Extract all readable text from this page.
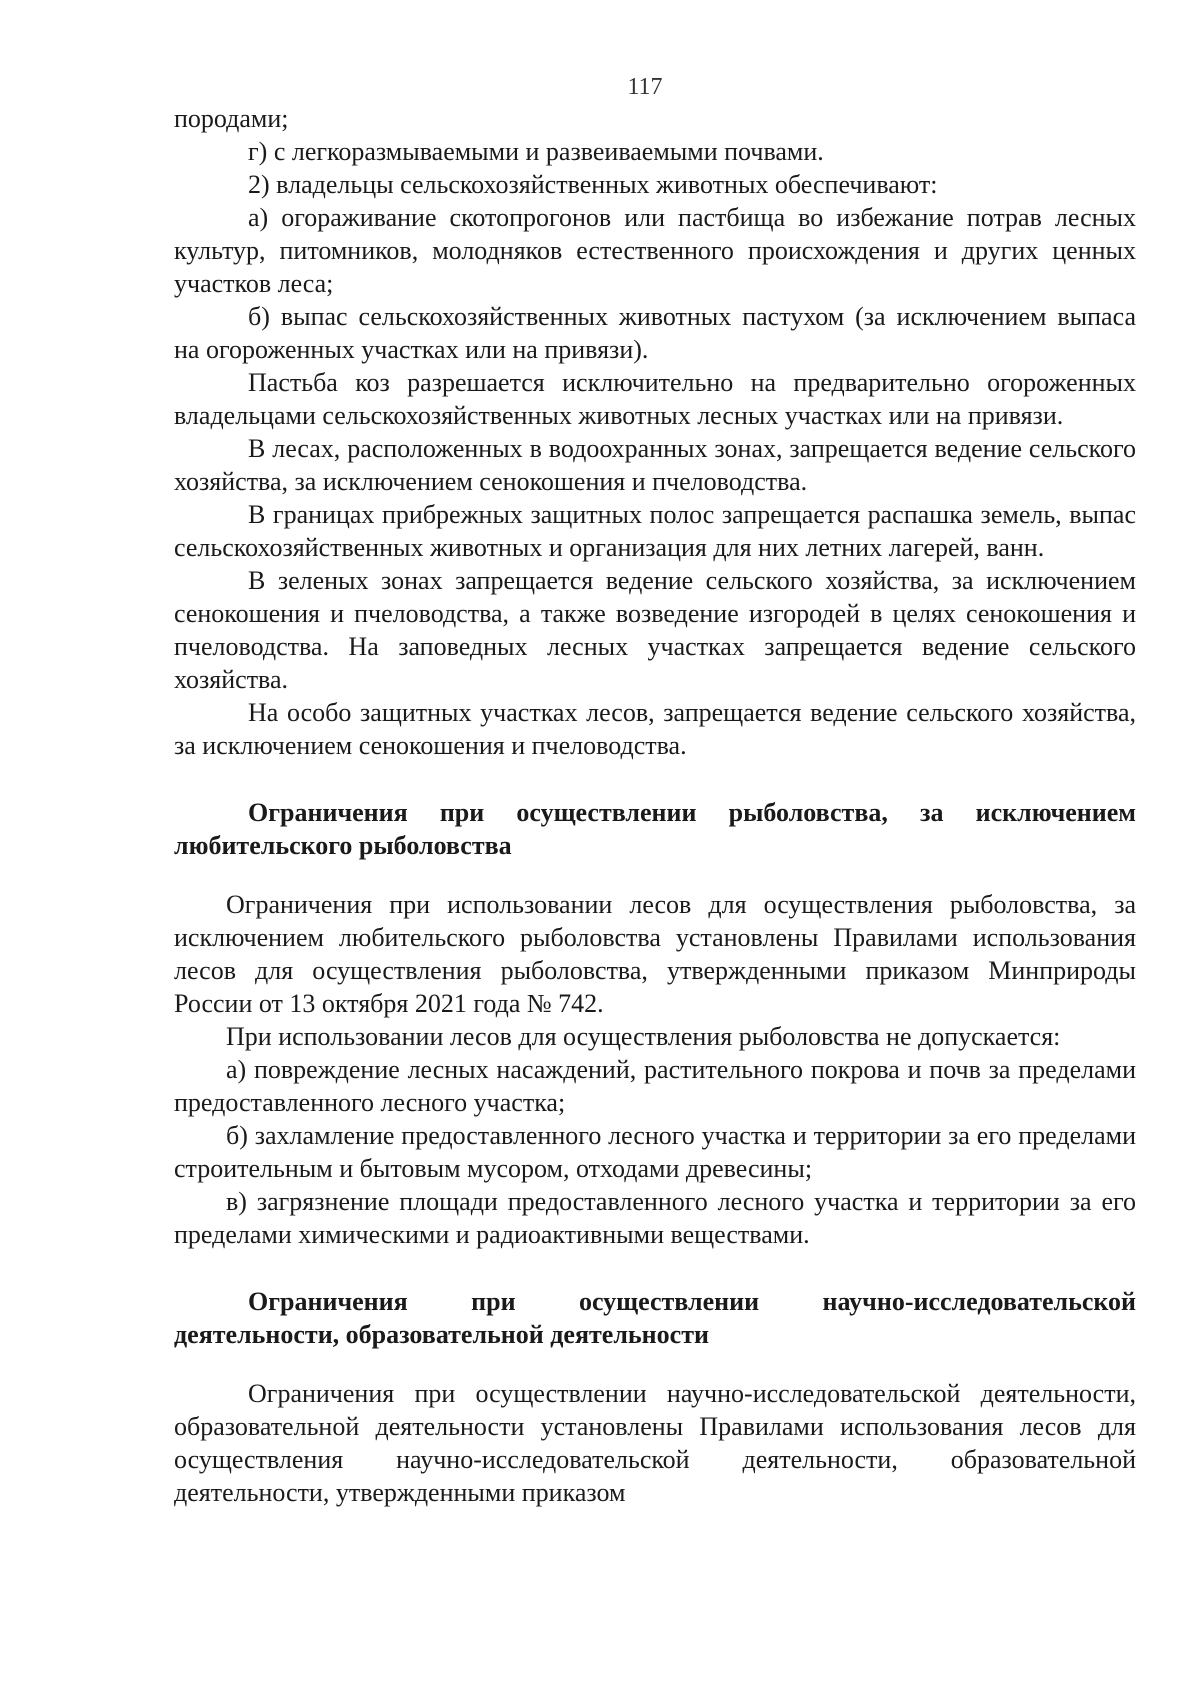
117

породами;

г) с легкоразмываемыми и развеиваемыми почвами.

2) владельцы сельскохозяйственных животных обеспечивают:

а) огораживание скотопрогонов или пастбища во избежание потрав лесных культур, питомников, молодняков естественного происхождения и других ценных участков леса;

б) выпас сельскохозяйственных животных пастухом (за исключением выпаса на огороженных участках или на привязи).

Пастьба коз разрешается исключительно на предварительно огороженных владельцами сельскохозяйственных животных лесных участках или на привязи.

В лесах, расположенных в водоохранных зонах, запрещается ведение сельского хозяйства, за исключением сенокошения и пчеловодства.

В границах прибрежных защитных полос запрещается распашка земель, выпас сельскохозяйственных животных и организация для них летних лагерей, ванн.

В зеленых зонах запрещается ведение сельского хозяйства, за исключением сенокошения и пчеловодства, а также возведение изгородей в целях сенокошения и пчеловодства. На заповедных лесных участках запрещается ведение сельского хозяйства.

На особо защитных участках лесов, запрещается ведение сельского хозяйства, за исключением сенокошения и пчеловодства.

Ограничения при осуществлении рыболовства, за исключением любительского рыболовства

Ограничения при использовании лесов для осуществления рыболовства, за исключением любительского рыболовства установлены Правилами использования лесов для осуществления рыболовства, утвержденными приказом Минприроды России от 13 октября 2021 года № 742.

При использовании лесов для осуществления рыболовства не допускается:

а) повреждение лесных насаждений, растительного покрова и почв за пределами предоставленного лесного участка;

б) захламление предоставленного лесного участка и территории за его пределами строительным и бытовым мусором, отходами древесины;

в) загрязнение площади предоставленного лесного участка и территории за его пределами химическими и радиоактивными веществами.

Ограничения при осуществлении научно-исследовательской деятельности, образовательной деятельности

Ограничения при осуществлении научно-исследовательской деятельности, образовательной деятельности установлены Правилами использования лесов для осуществления научно-исследовательской деятельности, образовательной деятельности, утвержденными приказом
